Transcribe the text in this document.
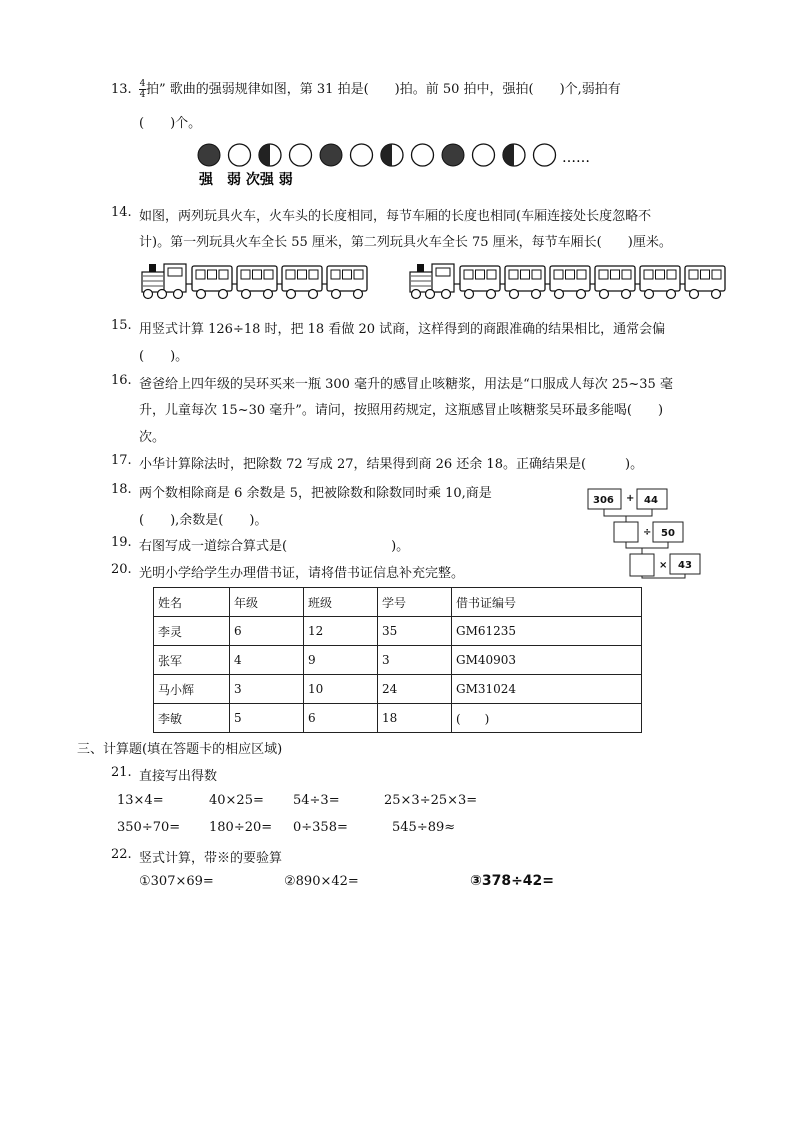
13. $\frac{4}{4}$ 拍” 歌曲的强弱规律如图，第 31 拍是(　　)拍。前 50 拍中，强拍(　　)个,弱拍有
(　　)个。
……
强　弱 次强 弱
14. 如图，两列玩具火车，火车头的长度相同，每节车厢的长度也相同(车厢连接处长度忽略不
计)。第一列玩具火车全长 55 厘米，第二列玩具火车全长 75 厘米，每节车厢长(　　)厘米。
15. 用竖式计算 126÷18 时，把 18 看做 20 试商，这样得到的商跟准确的结果相比，通常会偏
(　　)。
16. 爸爸给上四年级的吴环买来一瓶 300 毫升的感冒止咳糖浆，用法是“口服成人每次 25~35 毫
升，儿童每次 15~30 毫升”。请问，按照用药规定，这瓶感冒止咳糖浆吴环最多能喝(　　)
次。
17. 小华计算除法时，把除数 72 写成 27，结果得到商 26 还余 18。正确结果是(　　　)。
18. 两个数相除商是 6 余数是 5，把被除数和除数同时乘 10,商是
(　　),余数是(　　)。
306 + 44
÷ 50
× 43
19. 右图写成一道综合算式是(　　　　　　　　)。
20. 光明小学给学生办理借书证，请将借书证信息补充完整。
姓名	年级	班级	学号	借书证编号
李灵	6	12	35	GM61235
张军	4	9	3	GM40903
马小辉	3	10	24	GM31024
李敏	5	6	18	(　　)
三、计算题(填在答题卡的相应区域)
21. 直接写出得数
13×4=	40×25= 54÷3=	25×3÷25×3=
350÷70= 180÷20= 0÷358=	545÷89≈
22. 竖式计算，带※的要验算
①307×69=	②890×42=	③378÷42=
